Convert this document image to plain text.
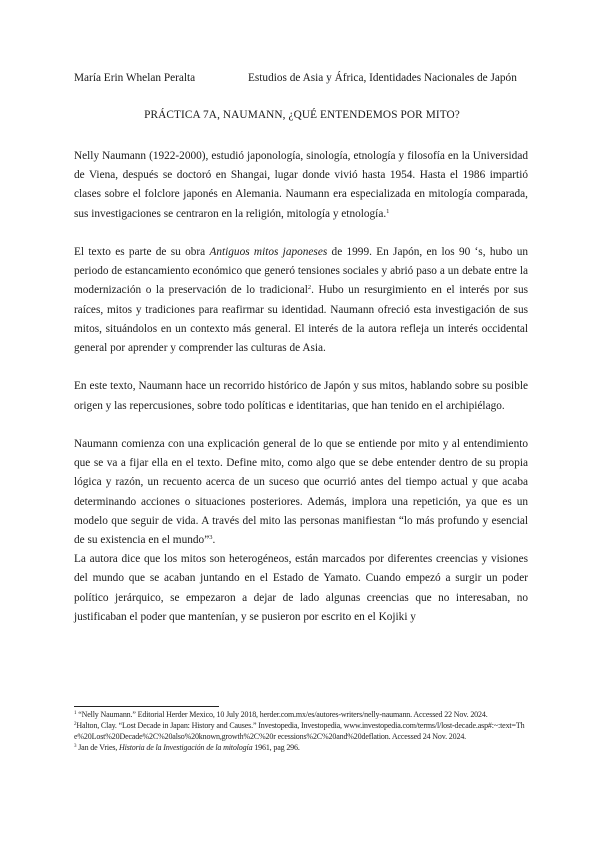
María Erin Whelan Peralta	Estudios de Asia y África, Identidades Nacionales de Japón
PRÁCTICA 7A, NAUMANN, ¿QUÉ ENTENDEMOS POR MITO?

Nelly Naumann (1922-2000), estudió japonología, sinología, etnología y filosofía en la Universidad de Viena, después se doctoró en Shangai, lugar donde vivió hasta 1954. Hasta el 1986 impartió clases sobre el folclore japonés en Alemania. Naumann era especializada en mitología comparada, sus investigaciones se centraron en la religión, mitología y etnología.$^1$

El texto es parte de su obra Antiguos mitos japoneses de 1999. En Japón, en los 90 ‘s, hubo un periodo de estancamiento económico que generó tensiones sociales y abrió paso a un debate entre la modernización o la preservación de lo tradicional$^2$. Hubo un resurgimiento en el interés por sus raíces, mitos y tradiciones para reafirmar su identidad. Naumann ofreció esta investigación de sus mitos, situándolos en un contexto más general. El interés de la autora refleja un interés occidental general por aprender y comprender las culturas de Asia.

En este texto, Naumann hace un recorrido histórico de Japón y sus mitos, hablando sobre su posible origen y las repercusiones, sobre todo políticas e identitarias, que han tenido en el archipiélago.

Naumann comienza con una explicación general de lo que se entiende por mito y al entendimiento que se va a fijar ella en el texto. Define mito, como algo que se debe entender dentro de su propia lógica y razón, un recuento acerca de un suceso que ocurrió antes del tiempo actual y que acaba determinando acciones o situaciones posteriores. Además, implora una repetición, ya que es un modelo que seguir de vida. A través del mito las personas manifiestan “lo más profundo y esencial de su existencia en el mundo”$^3$.

La autora dice que los mitos son heterogéneos, están marcados por diferentes creencias y visiones del mundo que se acaban juntando en el Estado de Yamato. Cuando empezó a surgir un poder político jerárquico, se empezaron a dejar de lado algunas creencias que no interesaban, no justificaban el poder que mantenían, y se pusieron por escrito en el Kojiki y

$^1$ “Nelly Naumann.” Editorial Herder Mexico, 10 July 2018, herder.com.mx/es/autores-writers/nelly-naumann. Accessed 22 Nov. 2024.

$^2$Halton, Clay. “Lost Decade in Japan: History and Causes.” Investopedia, Investopedia, www.investopedia.com/terms/l/lost-decade.asp#:~:text=The%20Lost%20Decade%2C%20also%20known,growth%2C%20r ecessions%2C%20and%20deflation. Accessed 24 Nov. 2024.

$^3$ Jan de Vries, Historia de la Investigación de la mitología 1961, pag 296.
